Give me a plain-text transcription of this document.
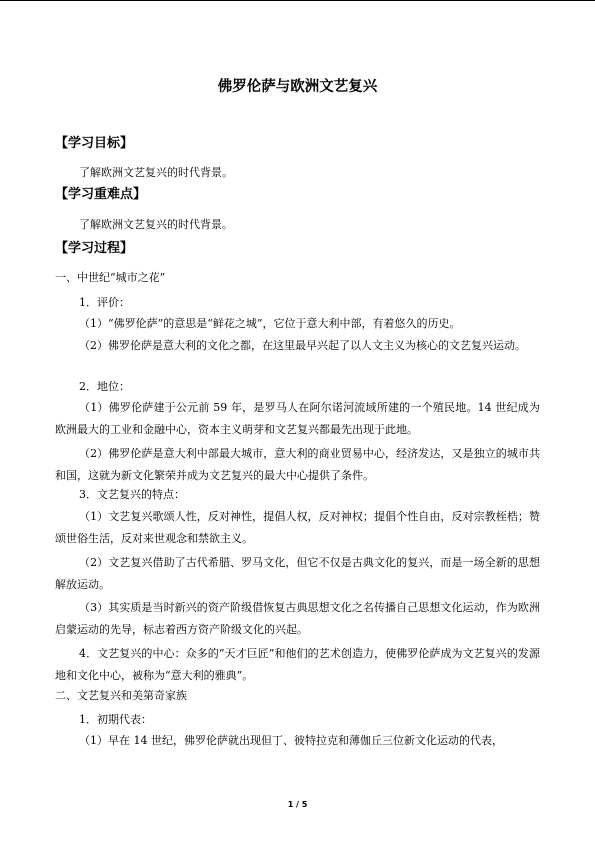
佛罗伦萨与欧洲文艺复兴
【学习目标】
了解欧洲文艺复兴的时代背景。
【学习重难点】
了解欧洲文艺复兴的时代背景。
【学习过程】
一、中世纪“城市之花”
1．评价：
（1）“佛罗伦萨”的意思是“鲜花之城”，它位于意大利中部，有着悠久的历史。
（2）佛罗伦萨是意大利的文化之都，在这里最早兴起了以人文主义为核心的文艺复兴运动。
2．地位：
（1）佛罗伦萨建于公元前 59 年，是罗马人在阿尔诺河流域所建的一个殖民地。14 世纪成为欧洲最大的工业和金融中心，资本主义萌芽和文艺复兴都最先出现于此地。
（2）佛罗伦萨是意大利中部最大城市，意大利的商业贸易中心，经济发达，又是独立的城市共和国，这就为新文化繁荣并成为文艺复兴的最大中心提供了条件。
3．文艺复兴的特点：
（1）文艺复兴歌颂人性，反对神性，提倡人权，反对神权；提倡个性自由，反对宗教桎梏；赞颂世俗生活，反对来世观念和禁欲主义。
（2）文艺复兴借助了古代希腊、罗马文化，但它不仅是古典文化的复兴，而是一场全新的思想解放运动。
（3）其实质是当时新兴的资产阶级借恢复古典思想文化之名传播自己思想文化运动，作为欧洲启蒙运动的先导，标志着西方资产阶级文化的兴起。
4．文艺复兴的中心：众多的“天才巨匠”和他们的艺术创造力，使佛罗伦萨成为文艺复兴的发源地和文化中心，被称为“意大利的雅典”。
二、文艺复兴和美第奇家族
1．初期代表：
（1）早在 14 世纪，佛罗伦萨就出现但丁、彼特拉克和薄伽丘三位新文化运动的代表，
1 / 5
